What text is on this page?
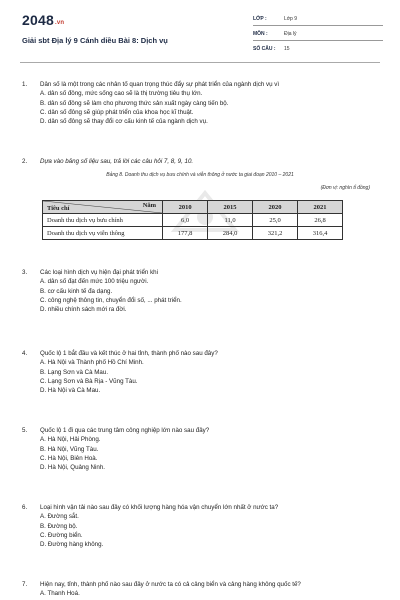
2048.vn
Giải sbt Địa lý 9 Cánh diều Bài 8: Dịch vụ
LỚP :	Lớp 9
MÔN :	Địa lý
SỐ CÂU : 15
1. Dân số là một trong các nhân tố quan trọng thúc đẩy sự phát triển của ngành dịch vụ vì
A. dân số đông, mức sống cao sẽ là thị trường tiêu thụ lớn.
B. dân số đông sẽ làm cho phương thức sản xuất ngày càng tiến bộ.
C. dân số đông sẽ giúp phát triển của khoa học kĩ thuật.
D. dân số đông sẽ thay đổi cơ cấu kinh tế của ngành dịch vụ.
2. Dựa vào bảng số liệu sau, trả lời các câu hỏi 7, 8, 9, 10.
Bảng 8. Doanh thu dịch vụ bưu chính và viễn thông ở nước ta giai đoạn 2010 – 2021
(Đơn vị: nghìn tỉ đồng)
Tiêu chí Năm	2010	2015	2020	2021
Doanh thu dịch vụ bưu chính	6,0	11,0	25,0	26,8
Doanh thu dịch vụ viễn thông	177,8	284,0	321,2	316,4
3. Các loại hình dịch vụ hiện đại phát triển khi
A. dân số đạt đến mức 100 triệu người.
B. cơ cấu kinh tế đa dạng.
C. công nghệ thông tin, chuyển đổi số, ... phát triển.
D. nhiều chính sách mới ra đời.
4. Quốc lộ 1 bắt đầu và kết thúc ở hai tỉnh, thành phố nào sau đây?
A. Hà Nội và Thành phố Hồ Chí Minh.
B. Lạng Sơn và Cà Mau.
C. Lạng Sơn và Bà Rịa - Vũng Tàu.
D. Hà Nội và Cà Mau.
5. Quốc lộ 1 đi qua các trung tâm công nghiệp lớn nào sau đây?
A. Hà Nội, Hải Phòng.
B. Hà Nội, Vũng Tàu.
C. Hà Nội, Biên Hoà.
D. Hà Nội, Quảng Ninh.
6. Loại hình vận tải nào sau đây có khối lượng hàng hóa vận chuyển lớn nhất ở nước ta?
A. Đường sắt.
B. Đường bộ.
C. Đường biển.
D. Đường hàng không.
7. Hiện nay, tỉnh, thành phố nào sau đây ở nước ta có cả cảng biển và cảng hàng không quốc tế?
A. Thanh Hoá.
